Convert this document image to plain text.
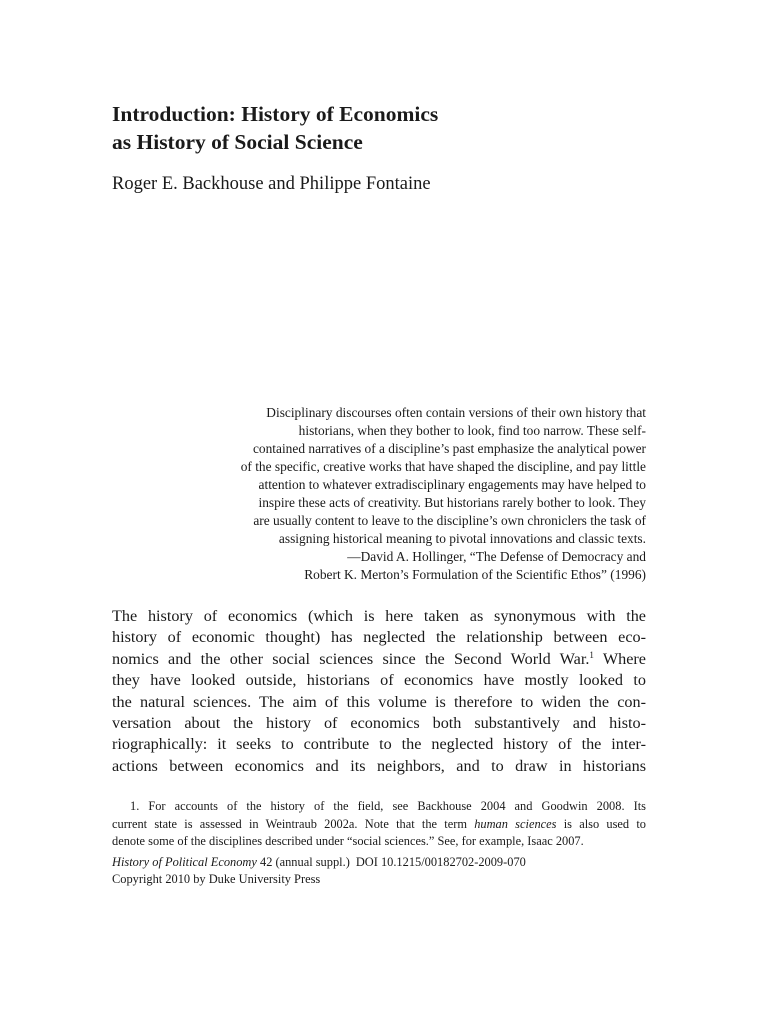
Introduction: History of Economics
as History of Social Science

Roger E. Backhouse and Philippe Fontaine

Disciplinary discourses often contain versions of their own history that
historians, when they bother to look, find too narrow. These self-
contained narratives of a discipline’s past emphasize the analytical power
of the specific, creative works that have shaped the discipline, and pay little
attention to whatever extradisciplinary engagements may have helped to
inspire these acts of creativity. But historians rarely bother to look. They
are usually content to leave to the discipline’s own chroniclers the task of
assigning historical meaning to pivotal innovations and classic texts.
—David A. Hollinger, “The Defense of Democracy and
Robert K. Merton’s Formulation of the Scientific Ethos” (1996)
The history of economics (which is here taken as synonymous with the
history of economic thought) has neglected the relationship between eco-
nomics and the other social sciences since the Second World War.$^1$ Where
they have looked outside, historians of economics have mostly looked to
the natural sciences. The aim of this volume is therefore to widen the con-
versation about the history of economics both substantively and histo-
riographically: it seeks to contribute to the neglected history of the inter-
actions between economics and its neighbors, and to draw in historians
1. For accounts of the history of the field, see Backhouse 2004 and Goodwin 2008. Its
current state is assessed in Weintraub 2002a. Note that the term human sciences is also used to
denote some of the disciplines described under “social sciences.” See, for example, Isaac 2007.
History of Political Economy 42 (annual suppl.) DOI 10.1215/00182702-2009-070
Copyright 2010 by Duke University Press
